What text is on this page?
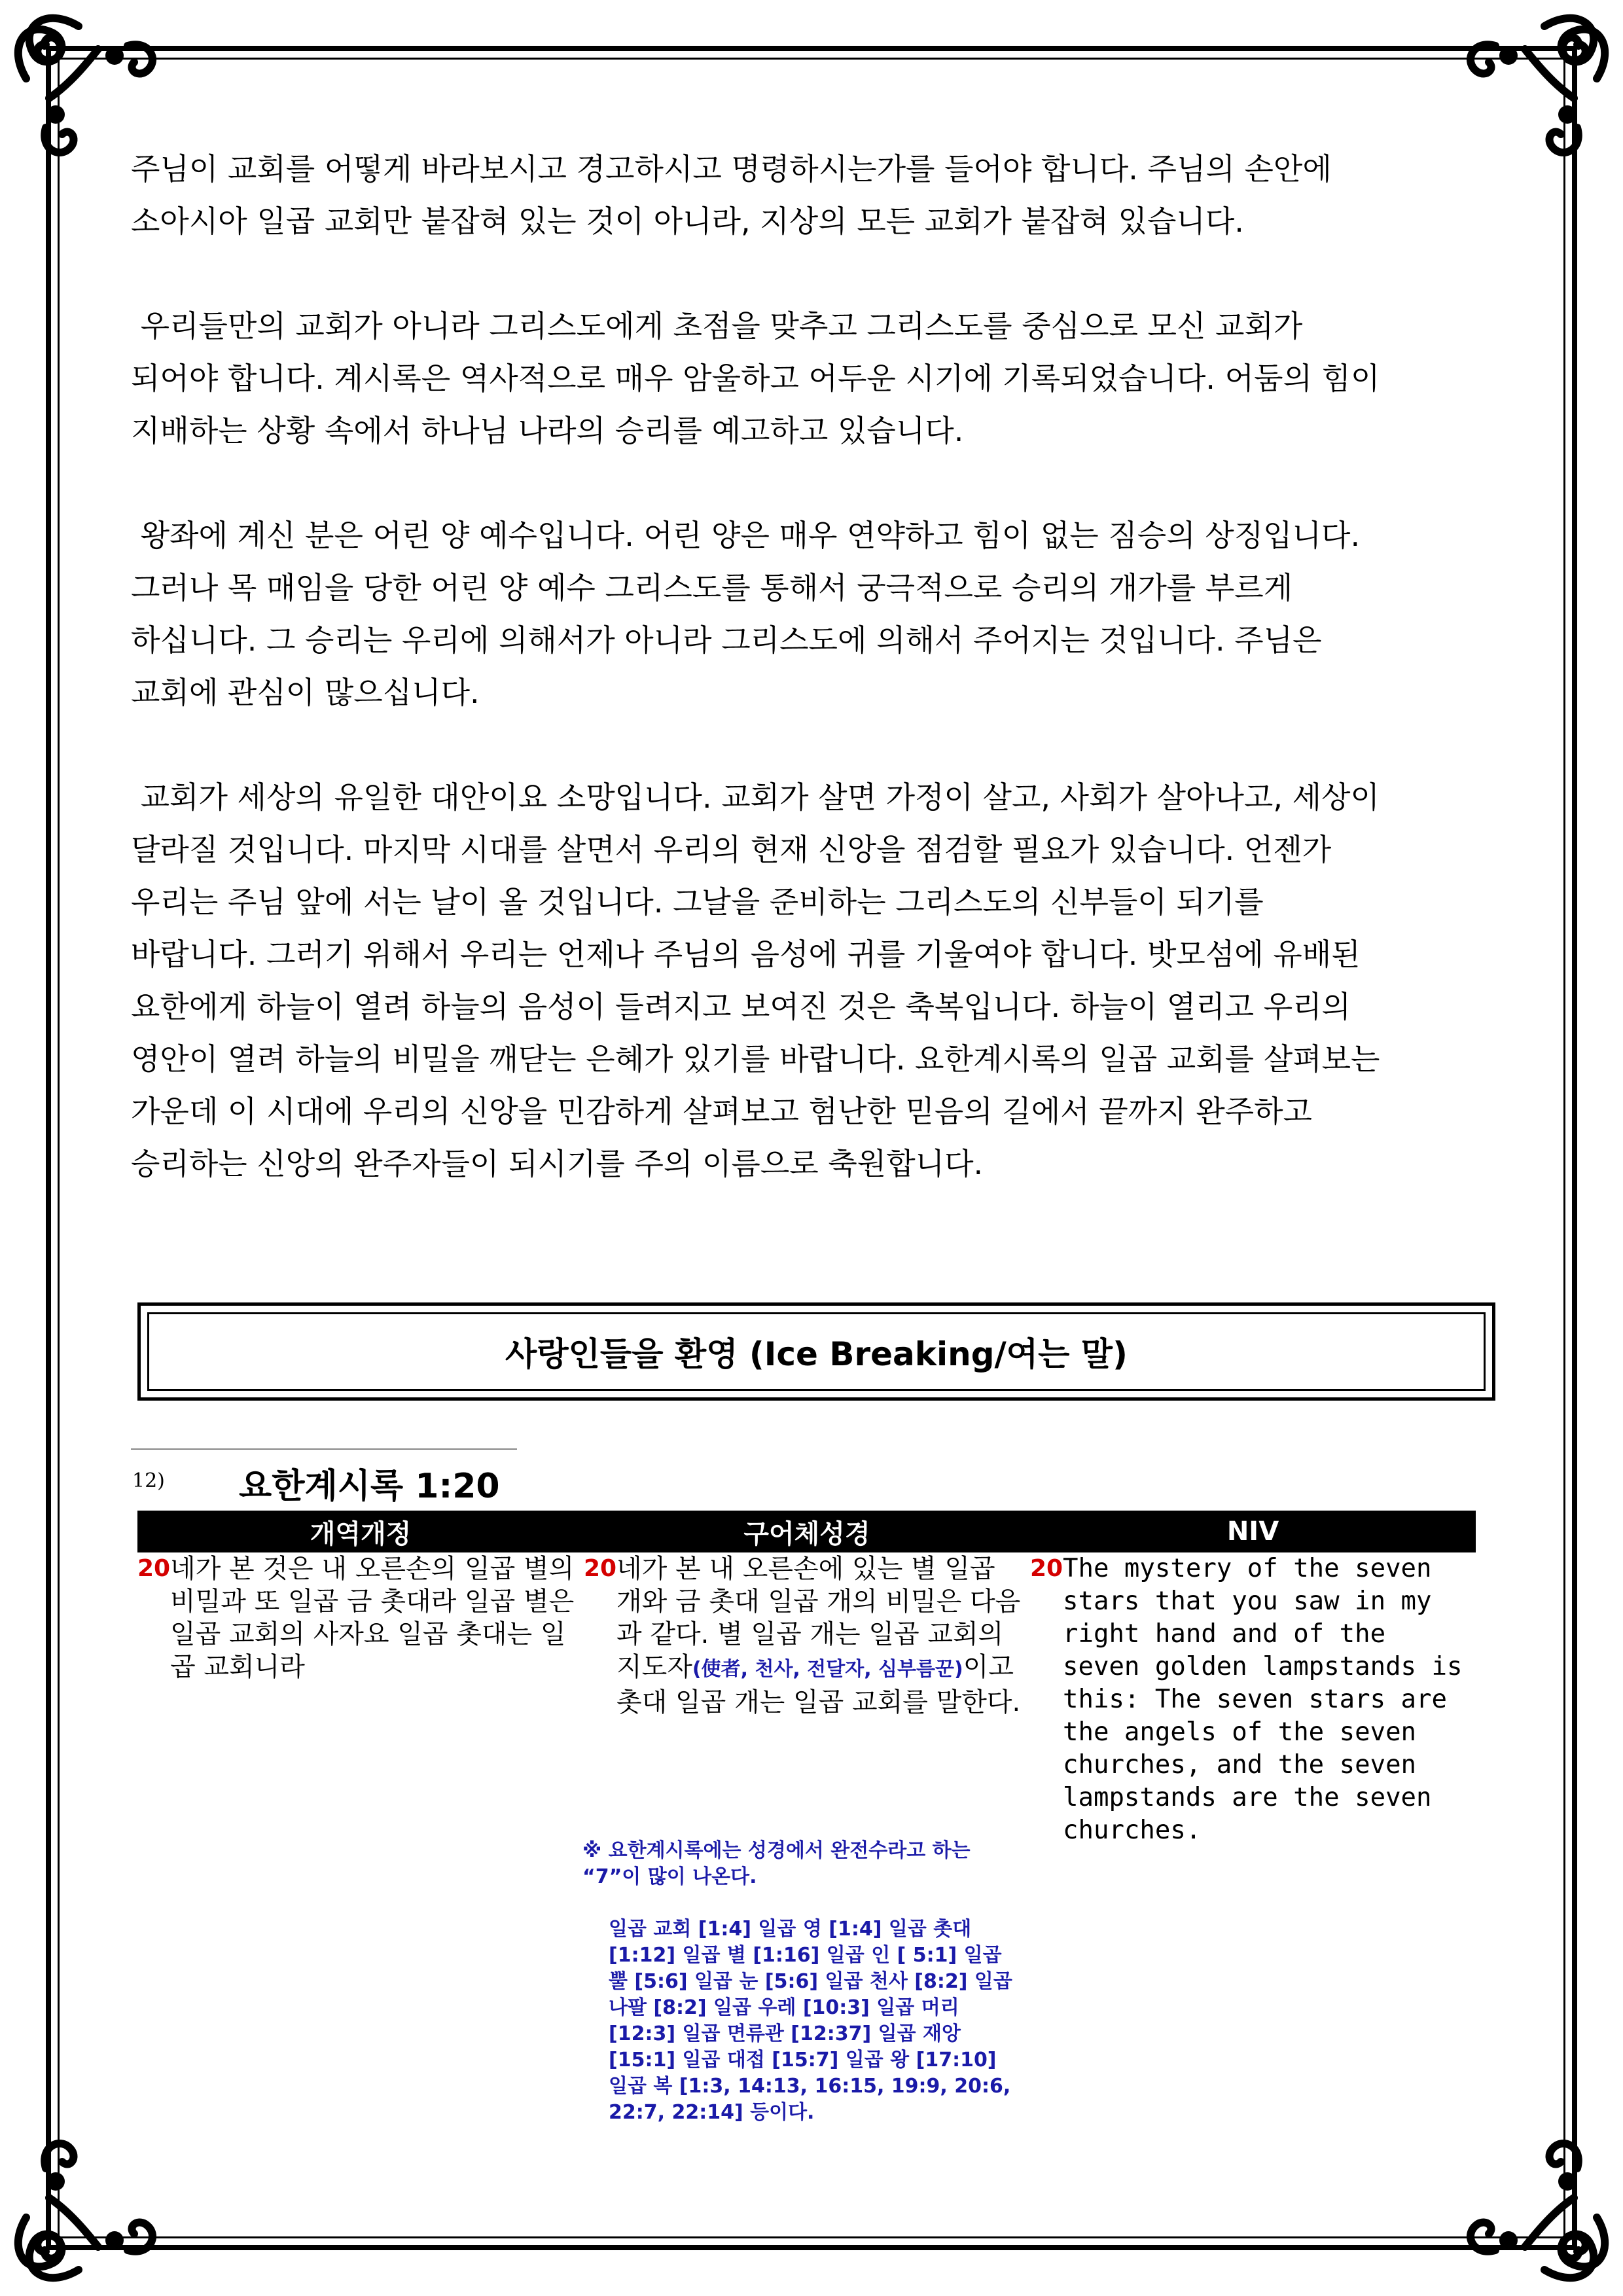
주님이 교회를 어떻게 바라보시고 경고하시고 명령하시는가를 들어야 합니다. 주님의 손안에
소아시아 일곱 교회만 붙잡혀 있는 것이 아니라, 지상의 모든 교회가 붙잡혀 있습니다.

우리들만의 교회가 아니라 그리스도에게 초점을 맞추고 그리스도를 중심으로 모신 교회가
되어야 합니다. 계시록은 역사적으로 매우 암울하고 어두운 시기에 기록되었습니다. 어둠의 힘이
지배하는 상황 속에서 하나님 나라의 승리를 예고하고 있습니다.

왕좌에 계신 분은 어린 양 예수입니다. 어린 양은 매우 연약하고 힘이 없는 짐승의 상징입니다.
그러나 목 매임을 당한 어린 양 예수 그리스도를 통해서 궁극적으로 승리의 개가를 부르게
하십니다. 그 승리는 우리에 의해서가 아니라 그리스도에 의해서 주어지는 것입니다. 주님은
교회에 관심이 많으십니다.

교회가 세상의 유일한 대안이요 소망입니다. 교회가 살면 가정이 살고, 사회가 살아나고, 세상이
달라질 것입니다. 마지막 시대를 살면서 우리의 현재 신앙을 점검할 필요가 있습니다. 언젠가
우리는 주님 앞에 서는 날이 올 것입니다. 그날을 준비하는 그리스도의 신부들이 되기를
바랍니다. 그러기 위해서 우리는 언제나 주님의 음성에 귀를 기울여야 합니다. 밧모섬에 유배된
요한에게 하늘이 열려 하늘의 음성이 들려지고 보여진 것은 축복입니다. 하늘이 열리고 우리의
영안이 열려 하늘의 비밀을 깨닫는 은혜가 있기를 바랍니다. 요한계시록의 일곱 교회를 살펴보는
가운데 이 시대에 우리의 신앙을 민감하게 살펴보고 험난한 믿음의 길에서 끝까지 완주하고
승리하는 신앙의 완주자들이 되시기를 주의 이름으로 축원합니다.

사랑인들을 환영 (Ice Breaking/여는 말)
12) 요한계시록 1:20
개역개정	구어체성경	NIV
20 네가 본 것은 내 오른손의 일곱 별의 비밀과 또 일곱 금 촛대라 일곱 별은 일곱 교회의 사자요 일곱 촛대는 일곱 교회니라
20 네가 본 내 오른손에 있는 별 일곱 개와 금 촛대 일곱 개의 비밀은 다음과 같다. 별 일곱 개는 일곱 교회의 지도자(使者, 천사, 전달자, 심부름꾼)이고 촛대 일곱 개는 일곱 교회를 말한다.
20 The mystery of the seven stars that you saw in my right hand and of the seven golden lampstands is this: The seven stars are the angels of the seven churches, and the seven lampstands are the seven churches.

※ 요한계시록에는 성경에서 완전수라고 하는 “7”이 많이 나온다.

일곱 교회 [1:4] 일곱 영 [1:4] 일곱 촛대 [1:12] 일곱 별 [1:16] 일곱 인 [ 5:1] 일곱 뿔 [5:6] 일곱 눈 [5:6] 일곱 천사 [8:2] 일곱 나팔 [8:2] 일곱 우레 [10:3] 일곱 머리 [12:3] 일곱 면류관 [12:37] 일곱 재앙 [15:1] 일곱 대접 [15:7] 일곱 왕 [17:10] 일곱 복 [1:3, 14:13, 16:15, 19:9, 20:6, 22:7, 22:14] 등이다.
